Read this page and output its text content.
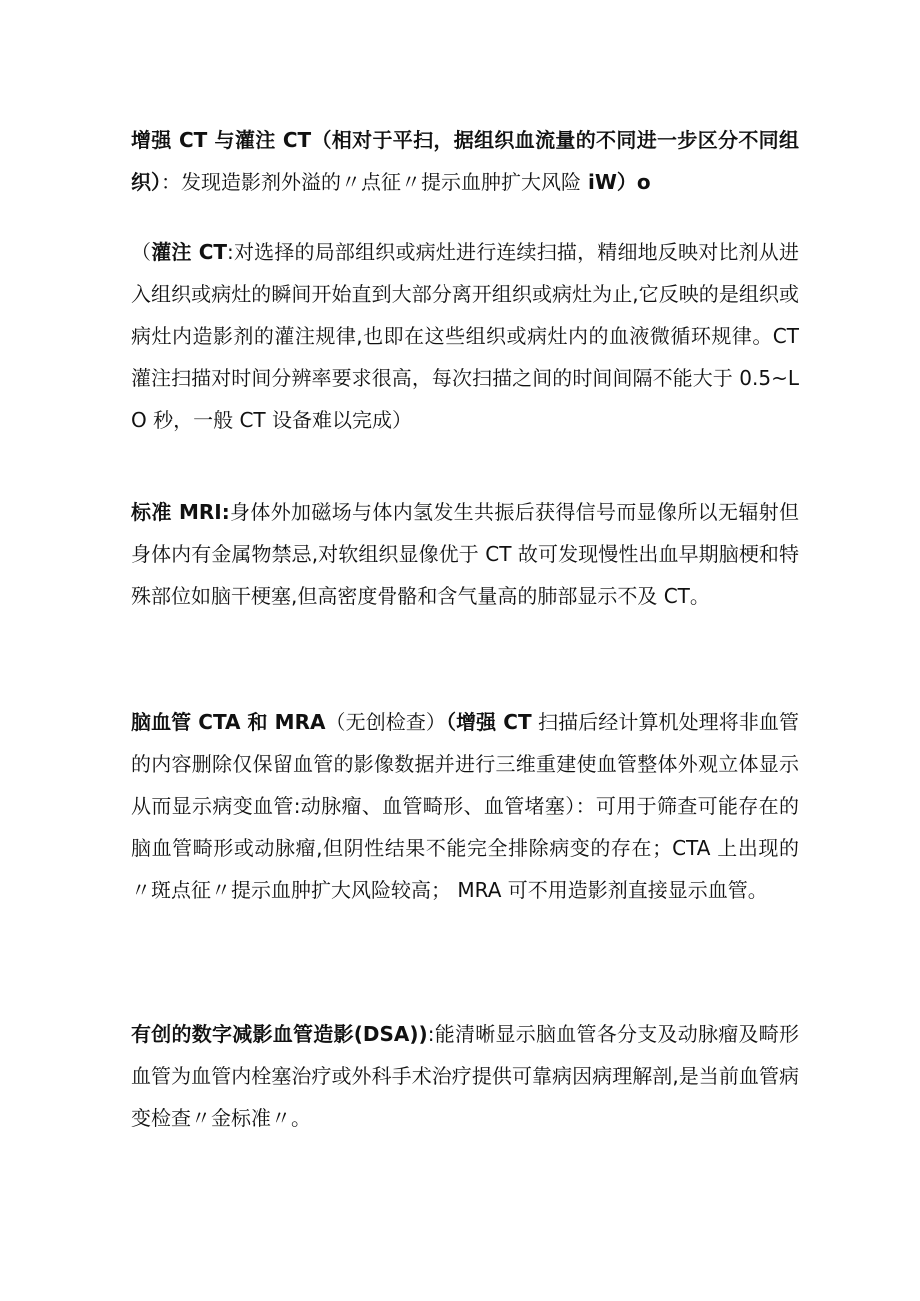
增强 CT 与灌注 CT（相对于平扫，据组织血流量的不同进一步区分不同组织）：发现造影剂外溢的〃点征〃提示血肿扩大风险 iW）o

（灌注 CT:对选择的局部组织或病灶进行连续扫描，精细地反映对比剂从进入组织或病灶的瞬间开始直到大部分离开组织或病灶为止,它反映的是组织或病灶内造影剂的灌注规律,也即在这些组织或病灶内的血液微循环规律。CT 灌注扫描对时间分辨率要求很高，每次扫描之间的时间间隔不能大于 0.5~LO 秒，一般 CT 设备难以完成）

标准 MRI:身体外加磁场与体内氢发生共振后获得信号而显像所以无辐射但身体内有金属物禁忌,对软组织显像优于 CT 故可发现慢性出血早期脑梗和特殊部位如脑干梗塞,但高密度骨骼和含气量高的肺部显示不及 CT。

脑血管 CTA 和 MRA（无创检查）（增强 CT 扫描后经计算机处理将非血管的内容删除仅保留血管的影像数据并进行三维重建使血管整体外观立体显示从而显示病变血管:动脉瘤、血管畸形、血管堵塞）：可用于筛查可能存在的脑血管畸形或动脉瘤,但阴性结果不能完全排除病变的存在；CTA 上出现的〃斑点征〃提示血肿扩大风险较高； MRA 可不用造影剂直接显示血管。

有创的数字减影血管造影(DSA)):能清晰显示脑血管各分支及动脉瘤及畸形血管为血管内栓塞治疗或外科手术治疗提供可靠病因病理解剖,是当前血管病变检查〃金标准〃。
